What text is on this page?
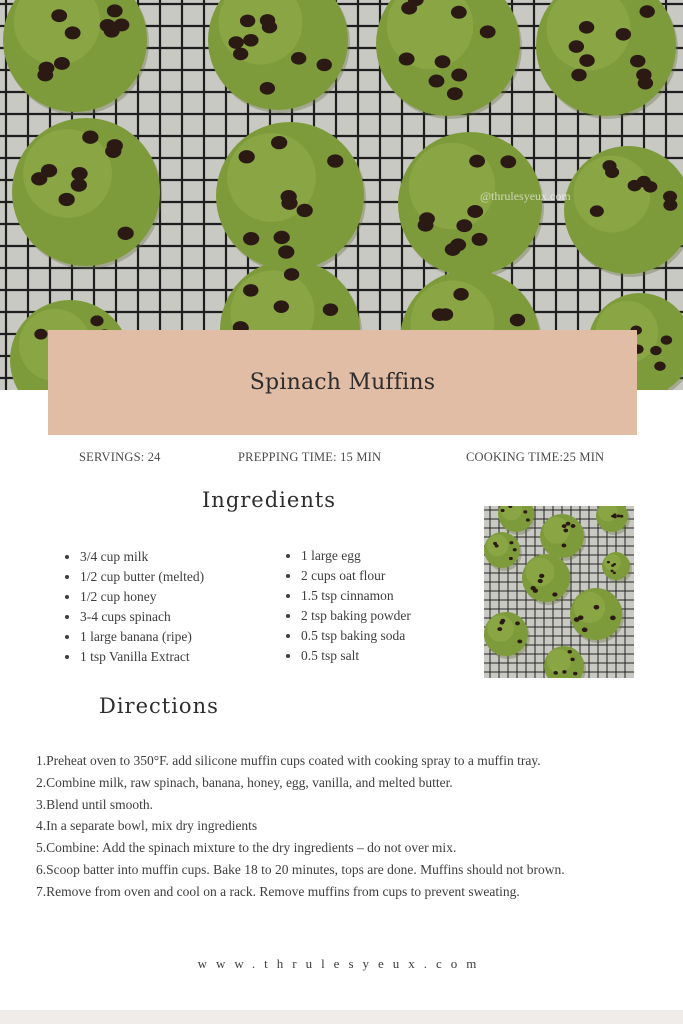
@thrulesyeux.com
Spinach Muffins
SERVINGS: 24	PREPPING TIME: 15 MIN	COOKING TIME:25 MIN
Ingredients
• 3/4 cup milk
• 1/2 cup butter (melted)
• 1/2 cup honey
• 3-4 cups spinach
• 1 large banana (ripe)
• 1 tsp Vanilla Extract
• 1 large egg
• 2 cups oat flour
• 1.5 tsp cinnamon
• 2 tsp baking powder
• 0.5 tsp baking soda
• 0.5 tsp salt
Directions
1.Preheat oven to 350°F. add silicone muffin cups coated with cooking spray to a muffin tray.
2.Combine milk, raw spinach, banana, honey, egg, vanilla, and melted butter.
3.Blend until smooth.
4.In a separate bowl, mix dry ingredients
5.Combine: Add the spinach mixture to the dry ingredients – do not over mix.
6.Scoop batter into muffin cups. Bake 18 to 20 minutes, tops are done. Muffins should not brown.
7.Remove from oven and cool on a rack. Remove muffins from cups to prevent sweating.
www.thrulesyeux.com
